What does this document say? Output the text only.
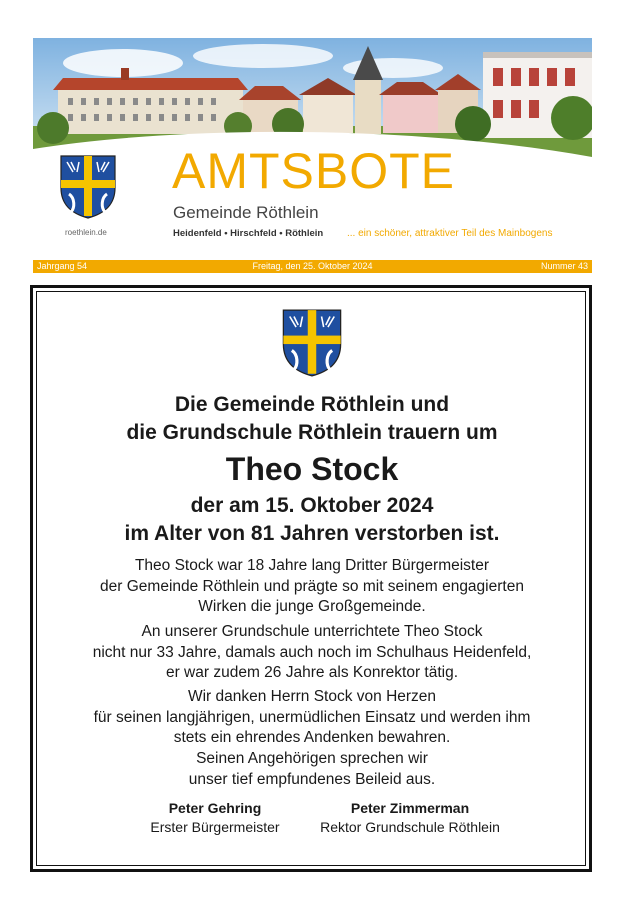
roethlein.de
AMTSBOTE
Gemeinde Röthlein
Heidenfeld • Hirschfeld • Röthlein ... ein schöner, attraktiver Teil des Mainbogens
Jahrgang 54	Freitag, den 25. Oktober 2024	Nummer 43
Die Gemeinde Röthlein und
die Grundschule Röthlein trauern um
Theo Stock
der am 15. Oktober 2024
im Alter von 81 Jahren verstorben ist.
Theo Stock war 18 Jahre lang Dritter Bürgermeister
der Gemeinde Röthlein und prägte so mit seinem engagierten
Wirken die junge Großgemeinde.
An unserer Grundschule unterrichtete Theo Stock
nicht nur 33 Jahre, damals auch noch im Schulhaus Heidenfeld,
er war zudem 26 Jahre als Konrektor tätig.
Wir danken Herrn Stock von Herzen
für seinen langjährigen, unermüdlichen Einsatz und werden ihm
stets ein ehrendes Andenken bewahren.
Seinen Angehörigen sprechen wir
unser tief empfundenes Beileid aus.
Peter Gehring
Erster Bürgermeister
Peter Zimmerman
Rektor Grundschule Röthlein
